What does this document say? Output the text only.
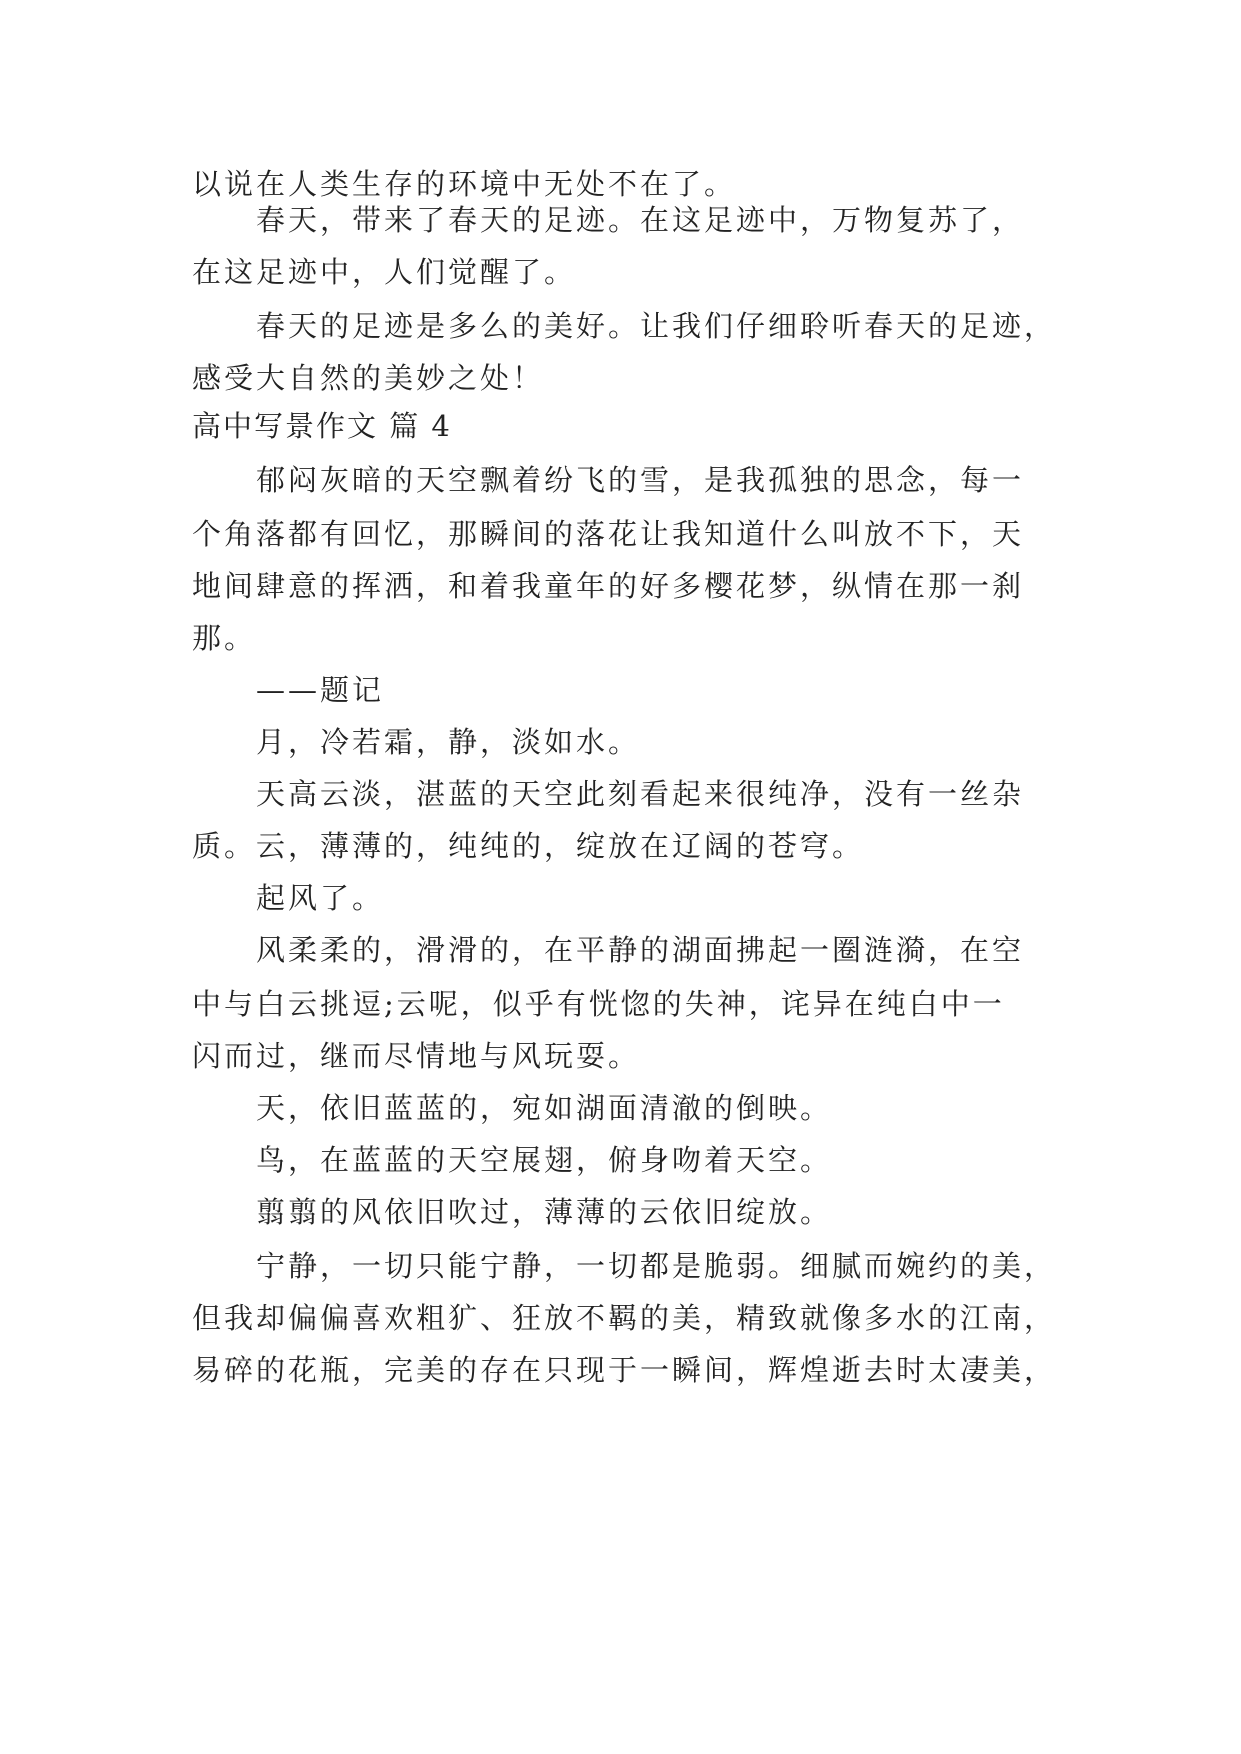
以说在人类生存的环境中无处不在了。
春天，带来了春天的足迹。在这足迹中，万物复苏了，
在这足迹中，人们觉醒了。
春天的足迹是多么的美好。让我们仔细聆听春天的足迹，
感受大自然的美妙之处！
高中写景作文 篇 4
郁闷灰暗的天空飘着纷飞的雪，是我孤独的思念，每一
个角落都有回忆，那瞬间的落花让我知道什么叫放不下，天
地间肆意的挥洒，和着我童年的好多樱花梦，纵情在那一刹
那。
——题记
月，冷若霜，静，淡如水。
天高云淡，湛蓝的天空此刻看起来很纯净，没有一丝杂
质。云，薄薄的，纯纯的，绽放在辽阔的苍穹。
起风了。
风柔柔的，滑滑的，在平静的湖面拂起一圈涟漪，在空
中与白云挑逗;云呢，似乎有恍惚的失神，诧异在纯白中一
闪而过，继而尽情地与风玩耍。
天，依旧蓝蓝的，宛如湖面清澈的倒映。
鸟，在蓝蓝的天空展翅，俯身吻着天空。
翦翦的风依旧吹过，薄薄的云依旧绽放。
宁静，一切只能宁静，一切都是脆弱。细腻而婉约的美，
但我却偏偏喜欢粗犷、狂放不羁的美，精致就像多水的江南，
易碎的花瓶，完美的存在只现于一瞬间，辉煌逝去时太凄美，
